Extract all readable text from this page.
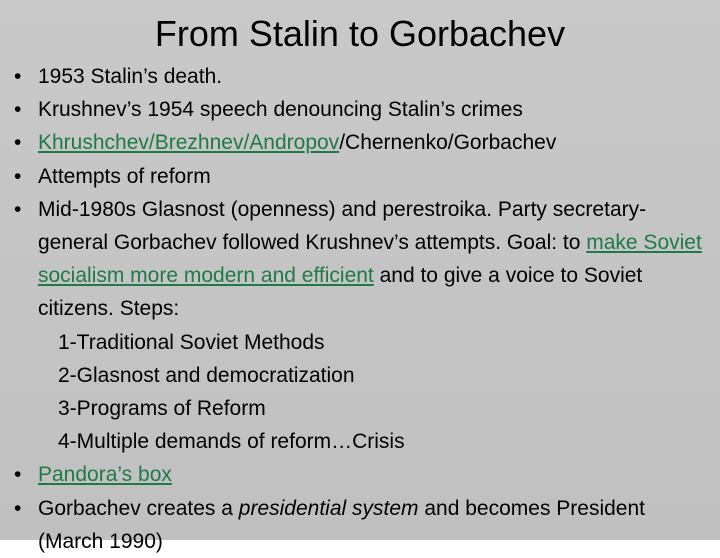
From Stalin to Gorbachev
• 1953 Stalin’s death.
• Krushnev’s 1954 speech denouncing Stalin’s crimes
• Khrushchev/Brezhnev/Andropov/Chernenko/Gorbachev
• Attempts of reform
• Mid-1980s Glasnost (openness) and perestroika. Party secretary-general Gorbachev followed Krushnev’s attempts. Goal: to make Soviet socialism more modern and efficient and to give a voice to Soviet citizens. Steps:
1-Traditional Soviet Methods
2-Glasnost and democratization
3-Programs of Reform
4-Multiple demands of reform…Crisis
• Pandora’s box
• Gorbachev creates a presidential system and becomes President (March 1990)
